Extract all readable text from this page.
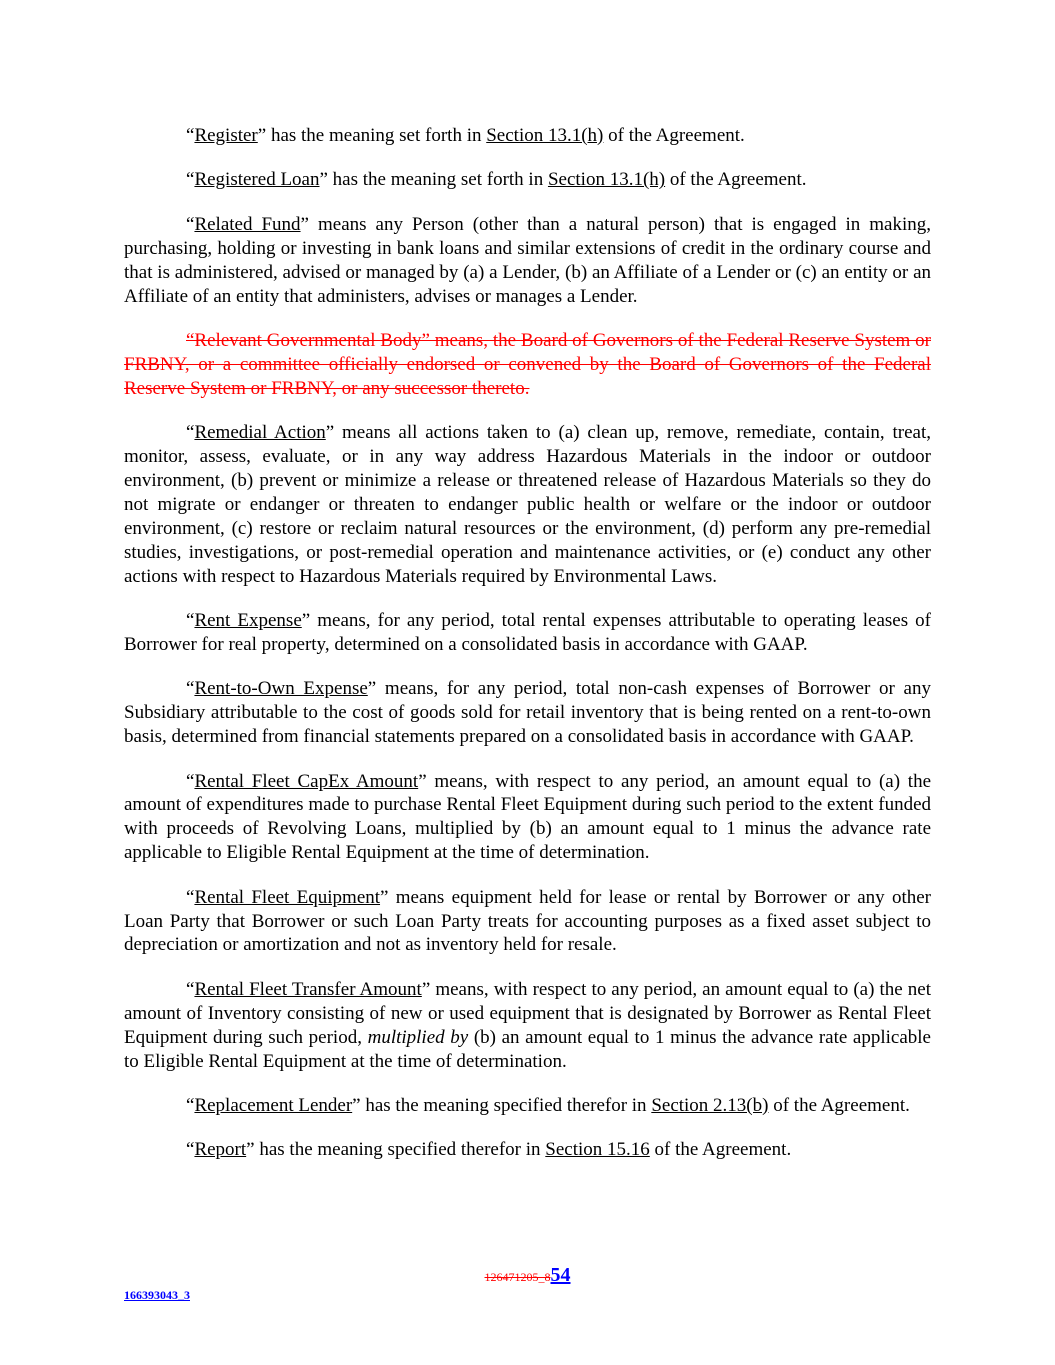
“Register” has the meaning set forth in Section 13.1(h) of the Agreement.

“Registered Loan” has the meaning set forth in Section 13.1(h) of the Agreement.

“Related Fund” means any Person (other than a natural person) that is engaged in making, purchasing, holding or investing in bank loans and similar extensions of credit in the ordinary course and that is administered, advised or managed by (a) a Lender, (b) an Affiliate of a Lender or (c) an entity or an Affiliate of an entity that administers, advises or manages a Lender.

“Relevant Governmental Body” means, the Board of Governors of the Federal Reserve System or FRBNY, or a committee officially endorsed or convened by the Board of Governors of the Federal Reserve System or FRBNY, or any successor thereto.

“Remedial Action” means all actions taken to (a) clean up, remove, remediate, contain, treat, monitor, assess, evaluate, or in any way address Hazardous Materials in the indoor or outdoor environment, (b) prevent or minimize a release or threatened release of Hazardous Materials so they do not migrate or endanger or threaten to endanger public health or welfare or the indoor or outdoor environment, (c) restore or reclaim natural resources or the environment, (d) perform any pre-remedial studies, investigations, or post-remedial operation and maintenance activities, or (e) conduct any other actions with respect to Hazardous Materials required by Environmental Laws.

“Rent Expense” means, for any period, total rental expenses attributable to operating leases of Borrower for real property, determined on a consolidated basis in accordance with GAAP.

“Rent-to-Own Expense” means, for any period, total non-cash expenses of Borrower or any Subsidiary attributable to the cost of goods sold for retail inventory that is being rented on a rent-to-own basis, determined from financial statements prepared on a consolidated basis in accordance with GAAP.

“Rental Fleet CapEx Amount” means, with respect to any period, an amount equal to (a) the amount of expenditures made to purchase Rental Fleet Equipment during such period to the extent funded with proceeds of Revolving Loans, multiplied by (b) an amount equal to 1 minus the advance rate applicable to Eligible Rental Equipment at the time of determination.

“Rental Fleet Equipment” means equipment held for lease or rental by Borrower or any other Loan Party that Borrower or such Loan Party treats for accounting purposes as a fixed asset subject to depreciation or amortization and not as inventory held for resale.

“Rental Fleet Transfer Amount” means, with respect to any period, an amount equal to (a) the net amount of Inventory consisting of new or used equipment that is designated by Borrower as Rental Fleet Equipment during such period, multiplied by (b) an amount equal to 1 minus the advance rate applicable to Eligible Rental Equipment at the time of determination.

“Replacement Lender” has the meaning specified therefor in Section 2.13(b) of the Agreement.

“Report” has the meaning specified therefor in Section 15.16 of the Agreement.

126471205_854
166393043_3
